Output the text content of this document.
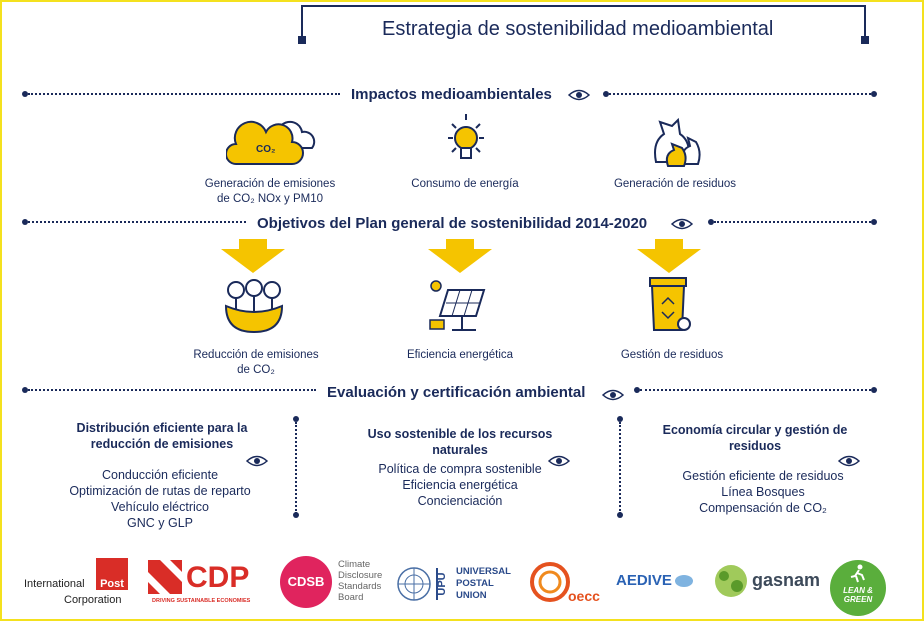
Estrategia de sostenibilidad medioambiental
Impactos medioambientales
CO₂
Generación de emisiones
de CO₂ NOx y PM10
Consumo de energía	Generación de residuos
Objetivos del Plan general de sostenibilidad 2014-2020
Reducción de emisiones
de CO₂
Eficiencia energética	Gestión de residuos
Evaluación y certificación ambiental
Distribución eficiente para la
reducción de emisiones
Conducción eficiente
Optimización de rutas de reparto
Vehículo eléctrico
GNC y GLP
Uso sostenible de los recursos
naturales
Política de compra sostenible
Eficiencia energética
Concienciación
Economía circular y gestión de
residuos
Gestión eficiente de residuos
Línea Bosques
Compensación de CO₂
Post
International
Corporation
CDP
DRIVING SUSTAINABLE ECONOMIES
CDSB
Climate
Disclosure
Standards
Board
UPU
UNIVERSAL
POSTAL
UNION	oecc
AEDIVE	gasnam
LEAN &
GREEN
